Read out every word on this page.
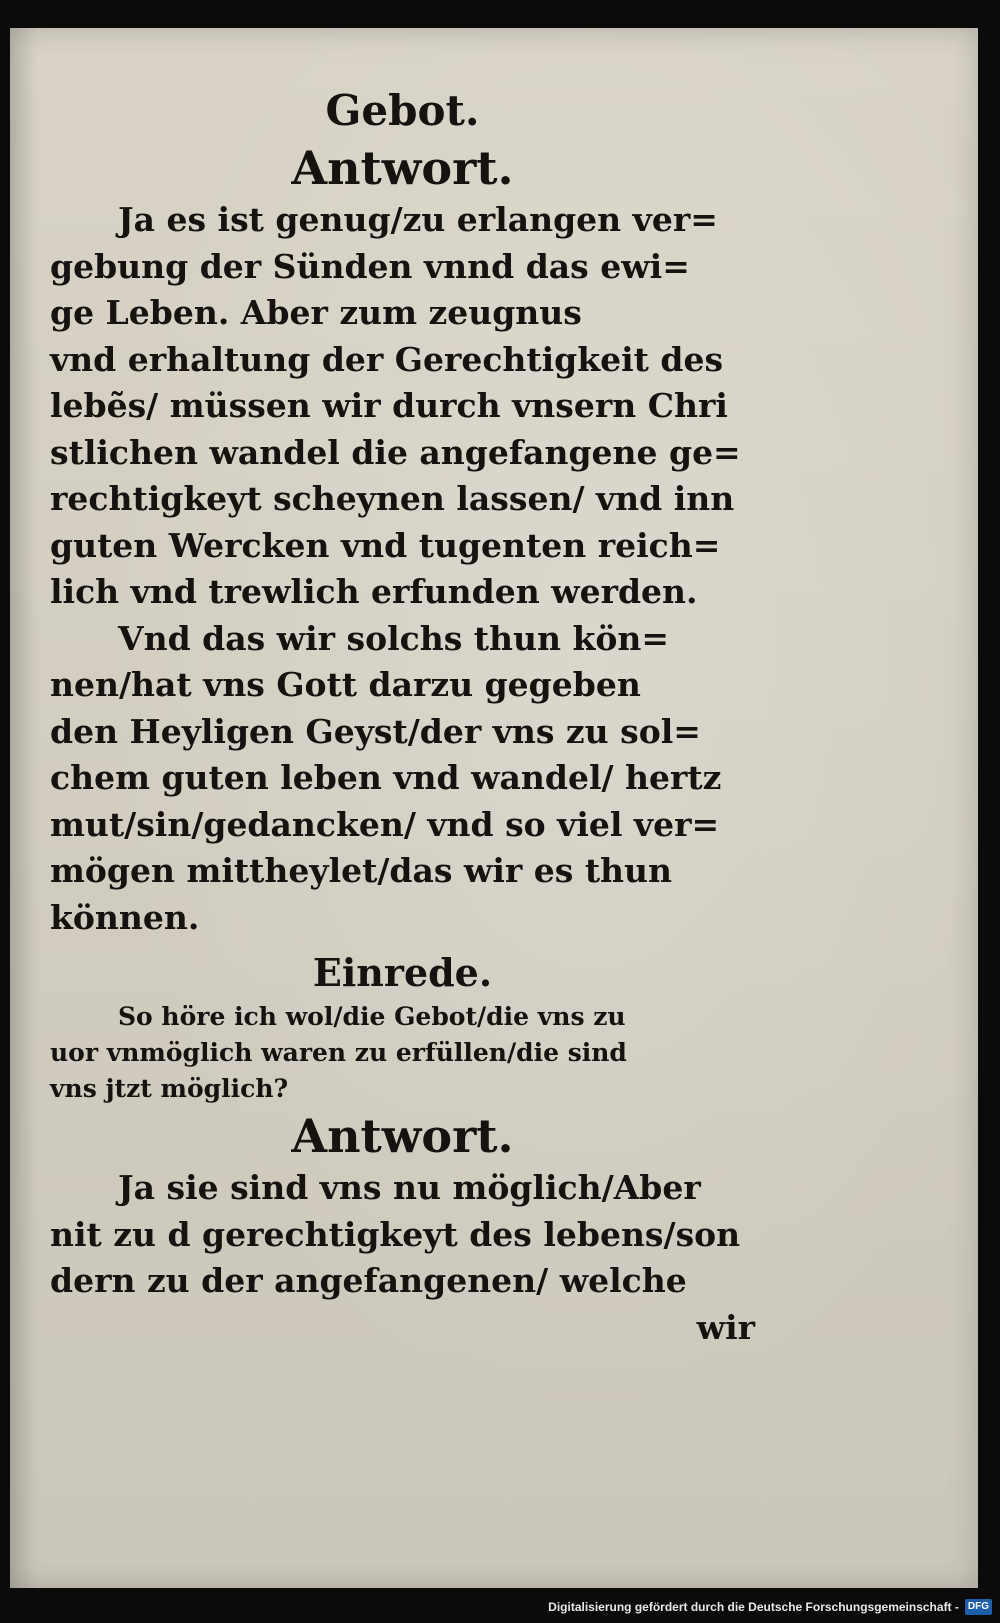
Gebot.
Antwort.
Ja es ist genug/zu erlangen ver=
gebung der Sünden vnnd das ewi=
ge Leben. Aber zum zeugnus
vnd erhaltung der Gerechtigkeit des
lebẽs/ müssen wir durch vnsern Chri
stlichen wandel die angefangene ge=
rechtigkeyt scheynen lassen/ vnd inn
guten Wercken vnd tugenten reich=
lich vnd trewlich erfunden werden.
Vnd das wir solchs thun kön=
nen/hat vns Gott darzu gegeben
den Heyligen Geyst/der vns zu sol=
chem guten leben vnd wandel/ hertz
mut/sin/gedancken/ vnd so viel ver=
mögen mittheylet/das wir es thun
können.
Einrede.
So höre ich wol/die Gebot/die vns zu
uor vnmöglich waren zu erfüllen/die sind
vns jtzt möglich?
Antwort.
Ja sie sind vns nu möglich/Aber
nit zu d gerechtigkeyt des lebens/son
dern zu der angefangenen/ welche
wir
Digitalisierung gefördert durch die Deutsche Forschungsgemeinschaft - DFG
